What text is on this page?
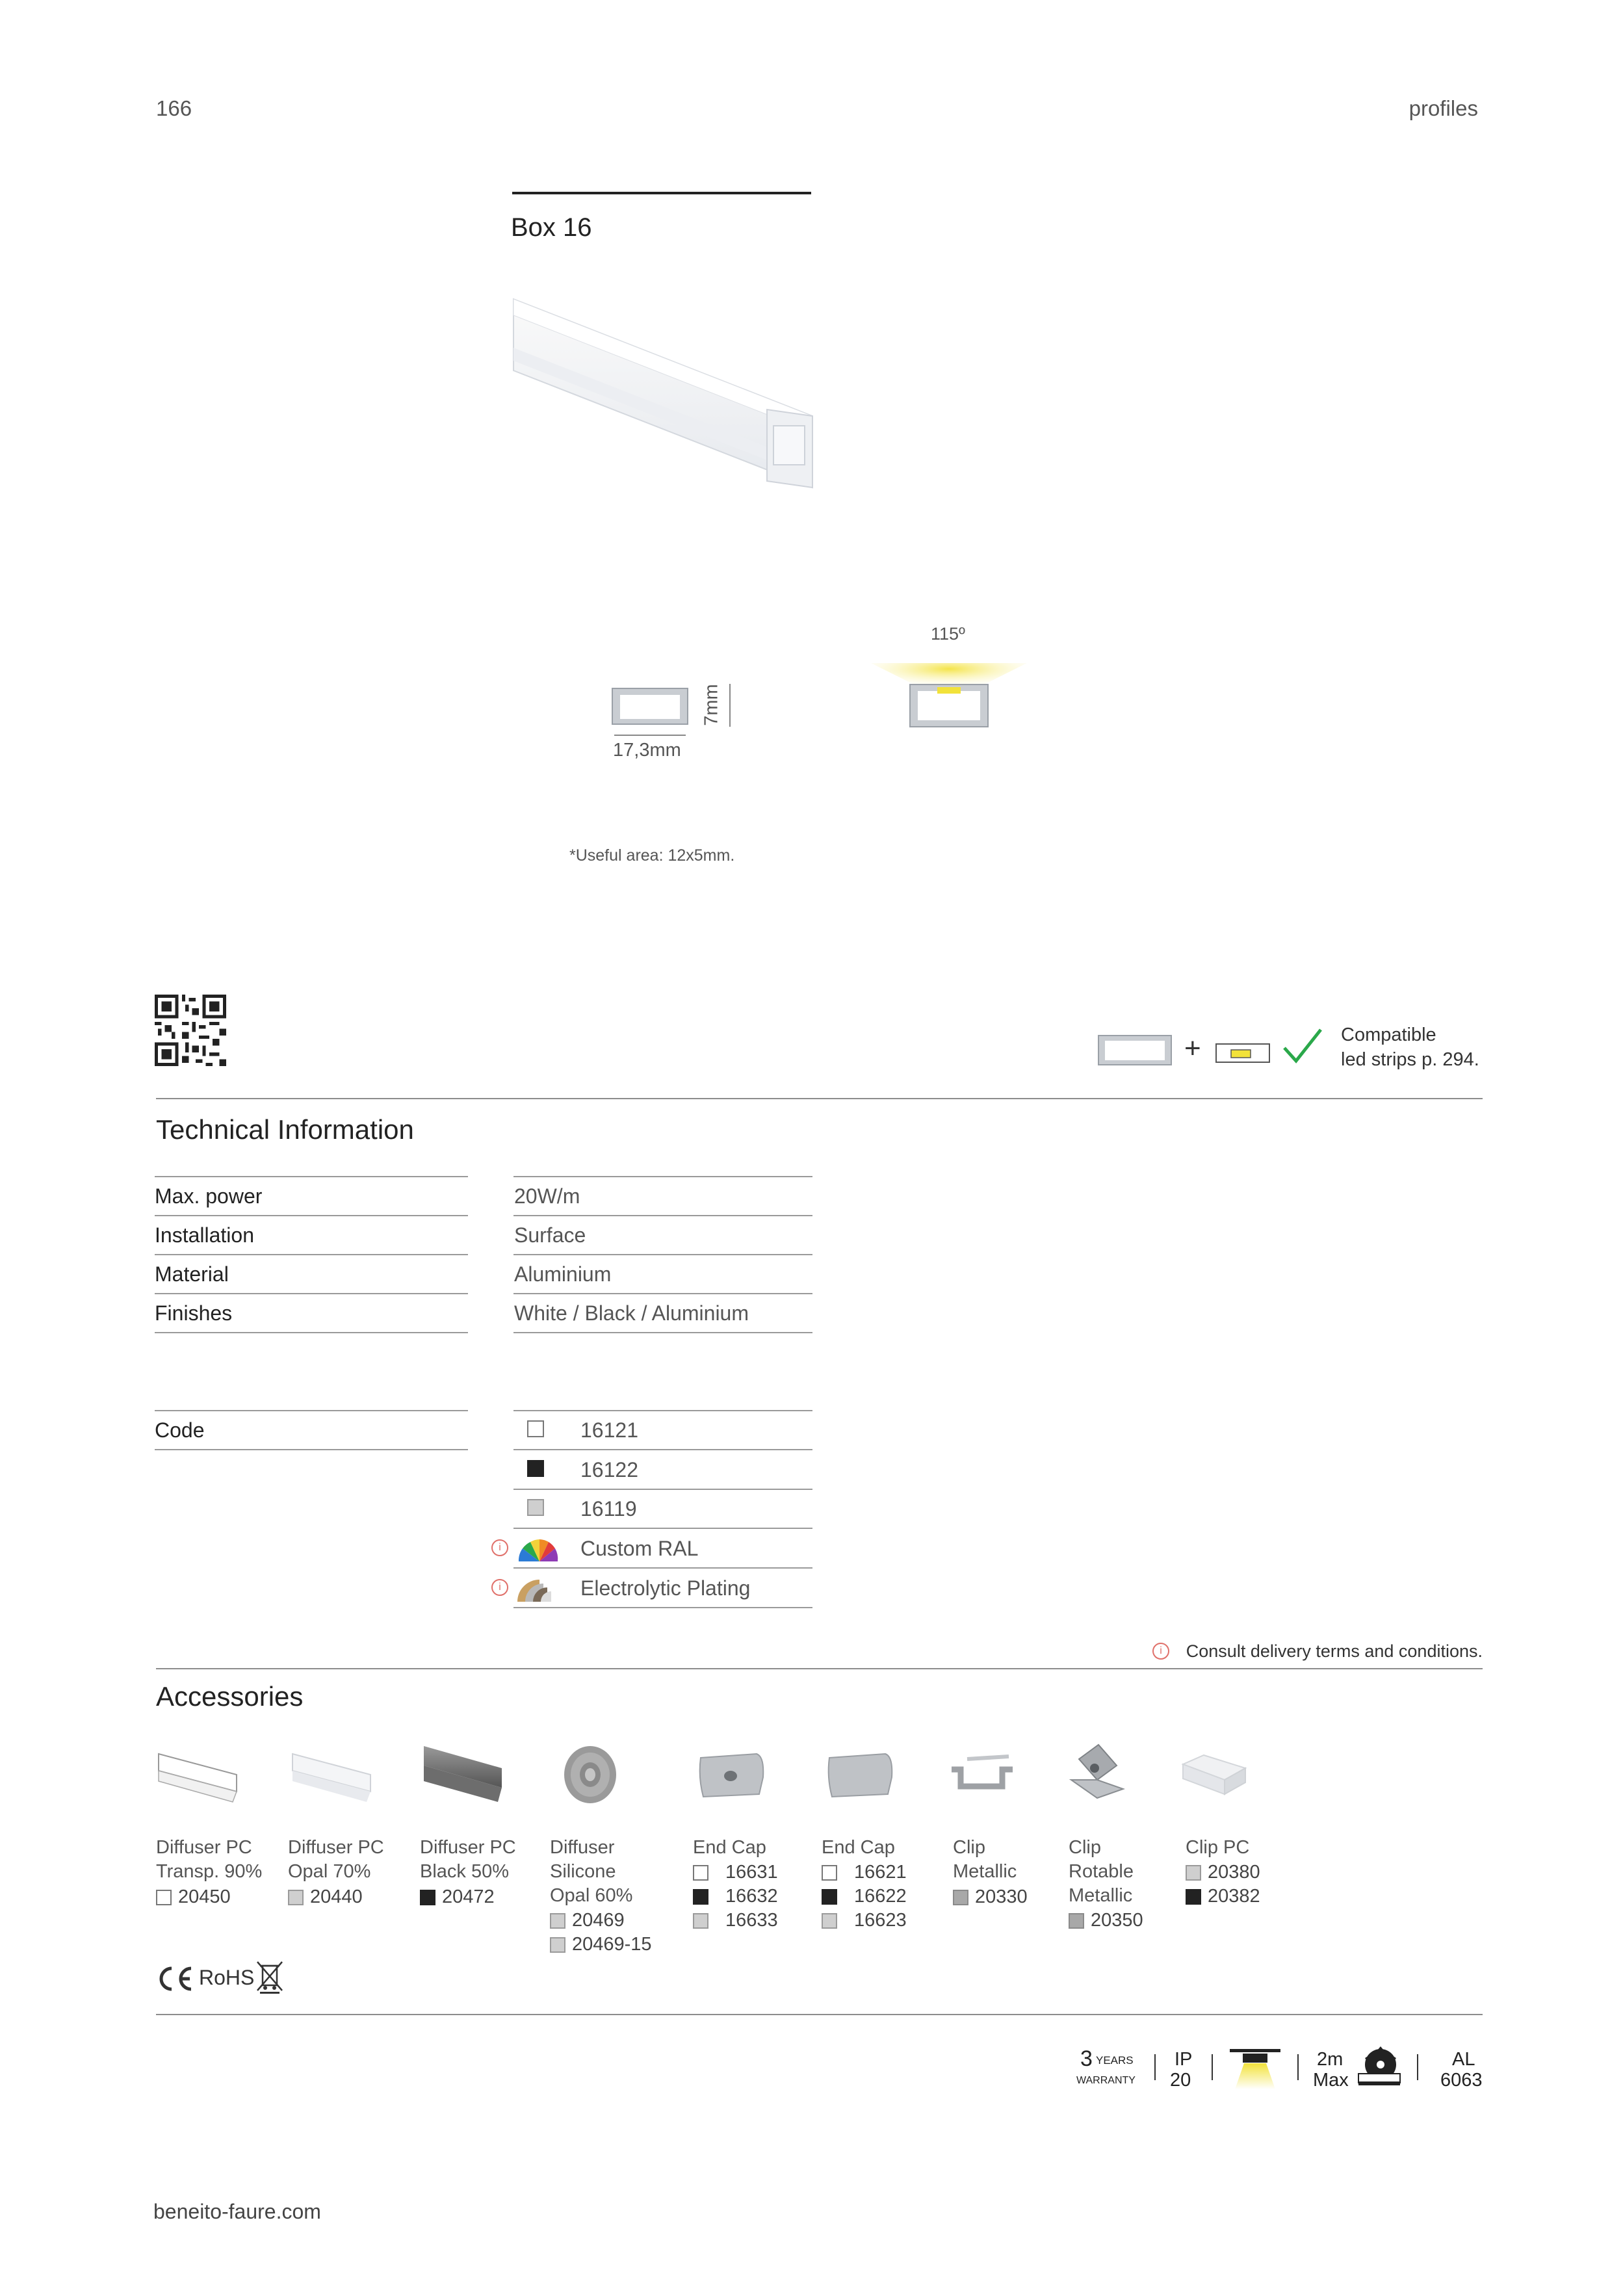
166	profiles
Box 16
7mm
17,3mm
115º
*Useful area: 12x5mm.
+	Compatible
led strips p. 294.
Technical Information
Max. power	20W/m
Installation	Surface
Material	Aluminium
Finishes	White / Black / Aluminium
Code	16121
16122
16119
i	Custom RAL
i	Electrolytic Plating
i	Consult delivery terms and conditions.
Accessories
Diffuser PC
Transp. 90%
20450
Diffuser PC
Opal 70%
20440
Diffuser PC
Black 50%
20472
Diffuser
Silicone
Opal 60%
20469
20469-15
End Cap
16631
16632
16633
End Cap
16621
16622
16623
Clip
Metallic
20330
Clip
Rotable
Metallic
20350
Clip PC
20380
20382
RoHS
3 YEARS
WARRANTY
IP
20
2m
Max
AL
6063
beneito-faure.com
